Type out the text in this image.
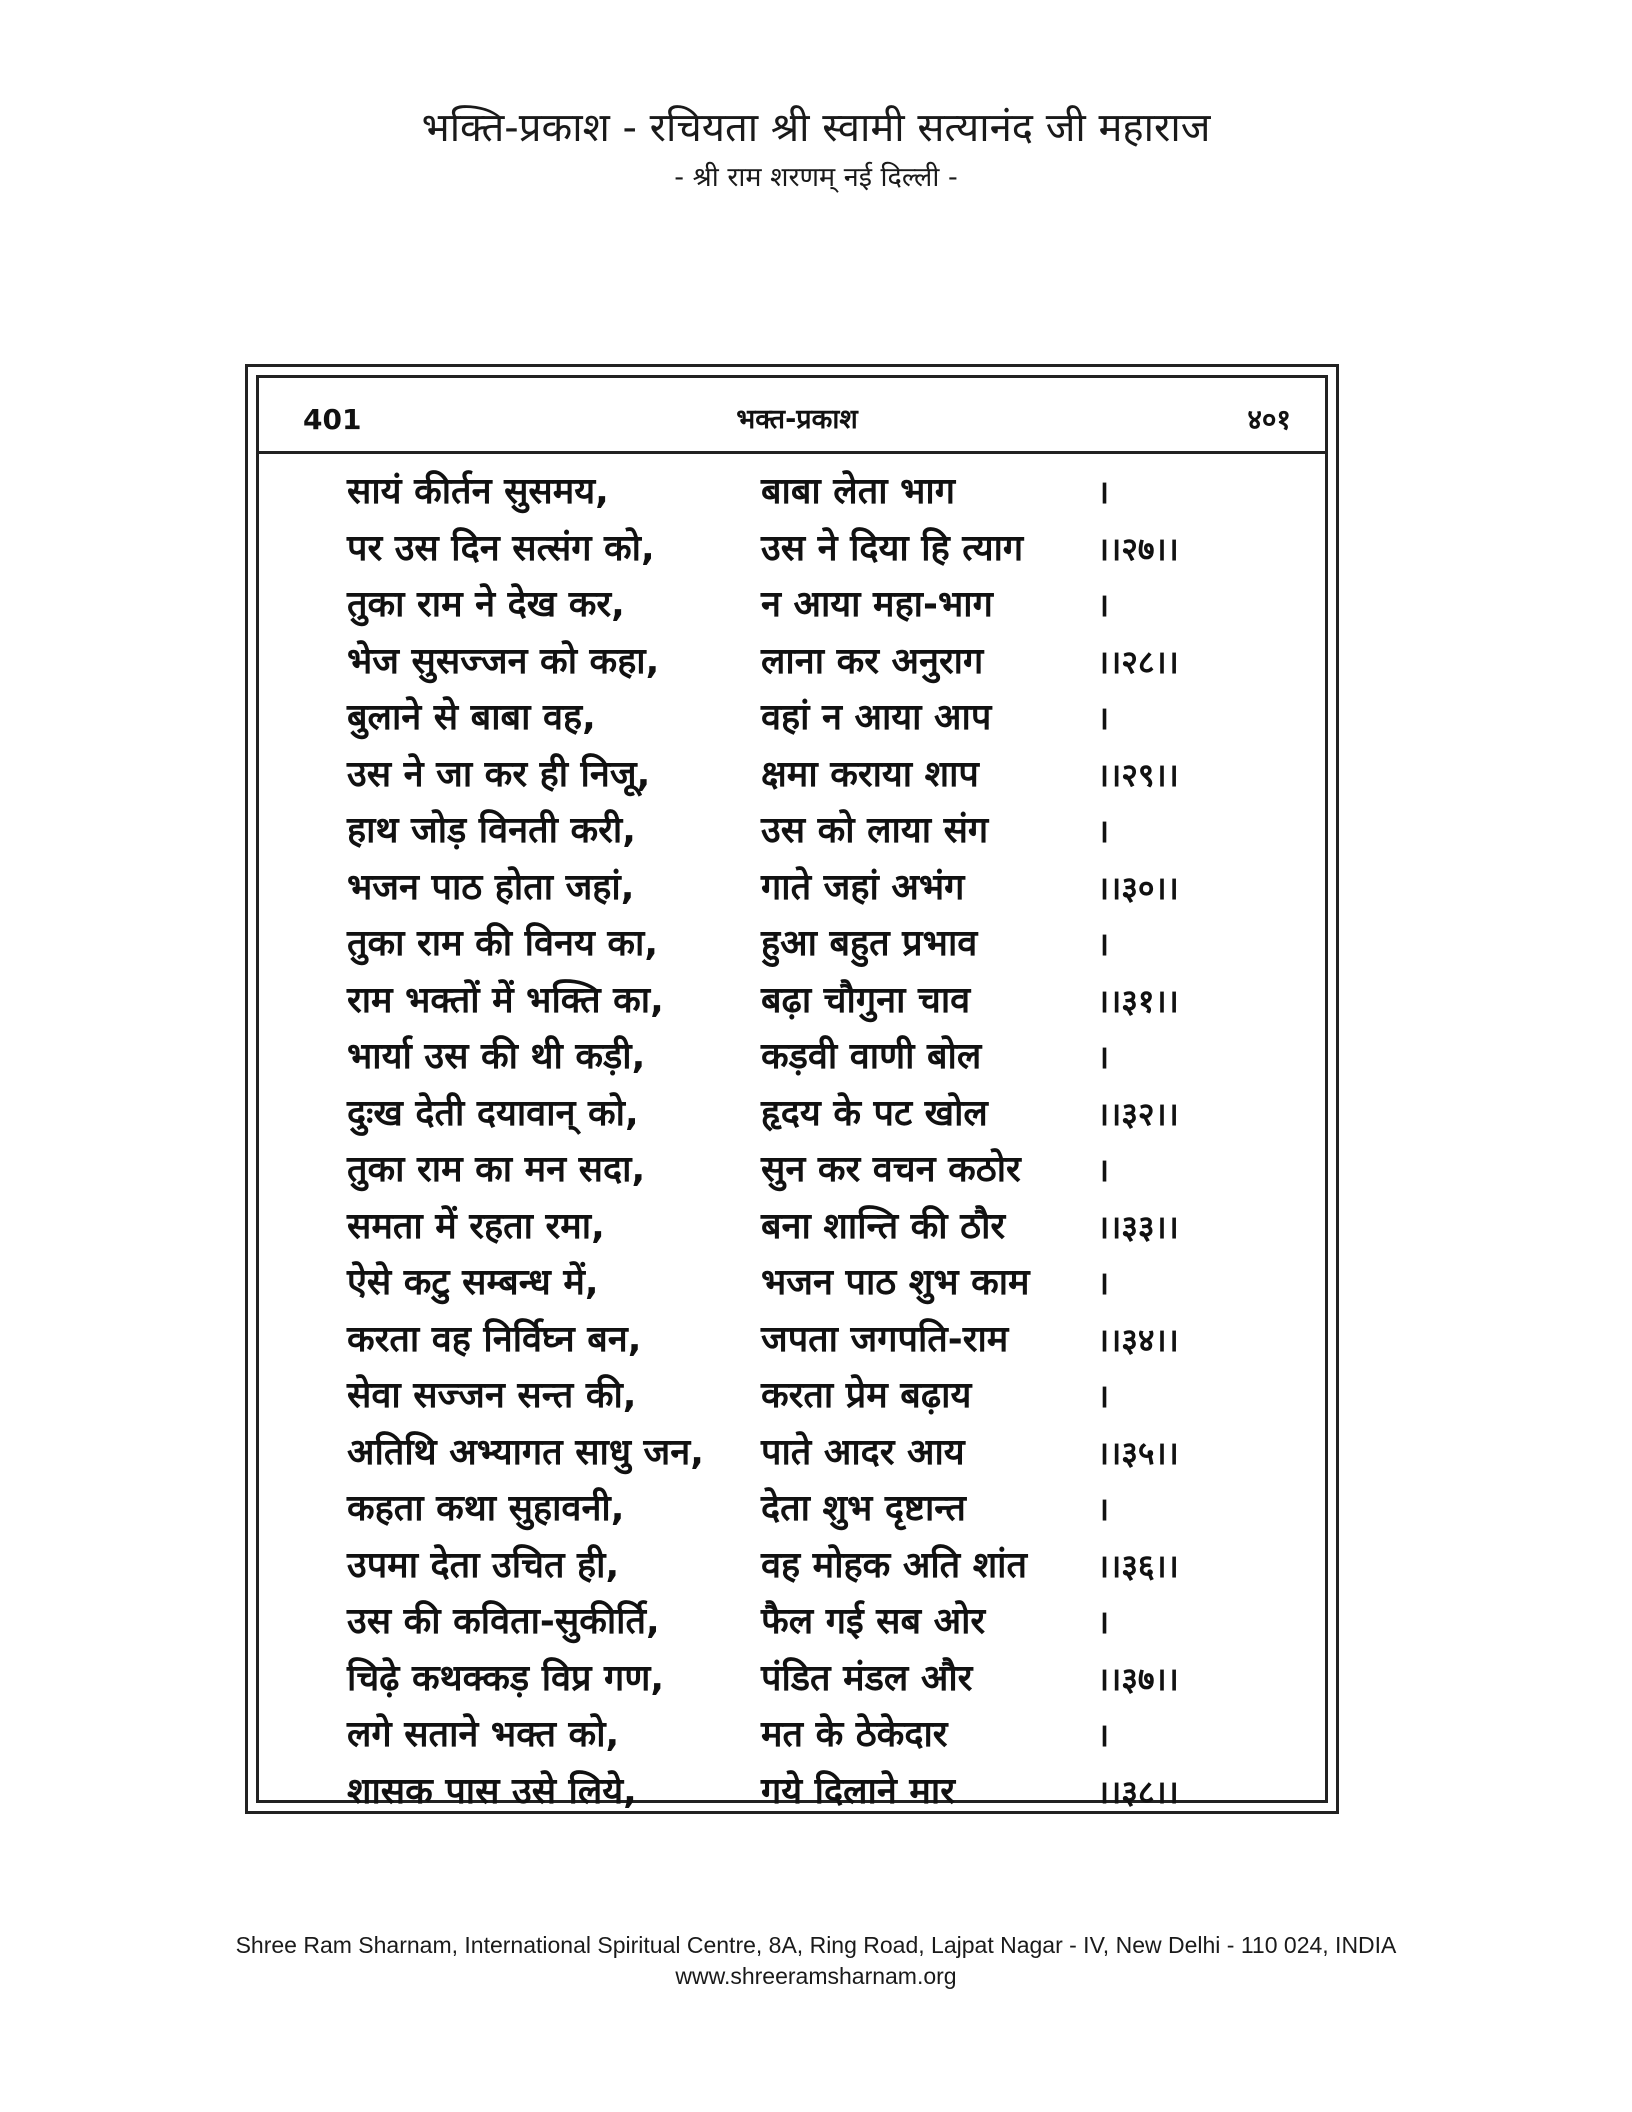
भक्ति-प्रकाश - रचियता श्री स्वामी सत्यानंद जी महाराज
- श्री राम शरणम् नई दिल्ली -
401	भक्त-प्रकाश	४०१
सायं कीर्तन सुसमय,	बाबा लेता भाग	।
पर उस दिन सत्संग को,	उस ने दिया हि त्याग	।।२७।।
तुका राम ने देख कर,	न आया महा-भाग	।
भेज सुसज्जन को कहा,	लाना कर अनुराग	।।२८।।
बुलाने से बाबा वह,	वहां न आया आप	।
उस ने जा कर ही निजू,	क्षमा कराया शाप	।।२९।।
हाथ जोड़ विनती करी,	उस को लाया संग	।
भजन पाठ होता जहां,	गाते जहां अभंग	।।३०।।
तुका राम की विनय का,	हुआ बहुत प्रभाव	।
राम भक्तों में भक्ति का,	बढ़ा चौगुना चाव	।।३१।।
भार्या उस की थी कड़ी,	कड़वी वाणी बोल	।
दुःख देती दयावान् को,	हृदय के पट खोल	।।३२।।
तुका राम का मन सदा,	सुन कर वचन कठोर	।
समता में रहता रमा,	बना शान्ति की ठौर	।।३३।।
ऐसे कटु सम्बन्ध में,	भजन पाठ शुभ काम	।
करता वह निर्विघ्न बन,	जपता जगपति-राम	।।३४।।
सेवा सज्जन सन्त की,	करता प्रेम बढ़ाय	।
अतिथि अभ्यागत साधु जन,	पाते आदर आय	।।३५।।
कहता कथा सुहावनी,	देता शुभ दृष्टान्त	।
उपमा देता उचित ही,	वह मोहक अति शांत	।।३६।।
उस की कविता-सुकीर्ति,	फैल गई सब ओर	।
चिढ़े कथक्कड़ विप्र गण,	पंडित मंडल और	।।३७।।
लगे सताने भक्त को,	मत के ठेकेदार	।
शासक पास उसे लिये,	गये दिलाने मार	।।३८।।
Shree Ram Sharnam, International Spiritual Centre, 8A, Ring Road, Lajpat Nagar - IV, New Delhi - 110 024, INDIA
www.shreeramsharnam.org
